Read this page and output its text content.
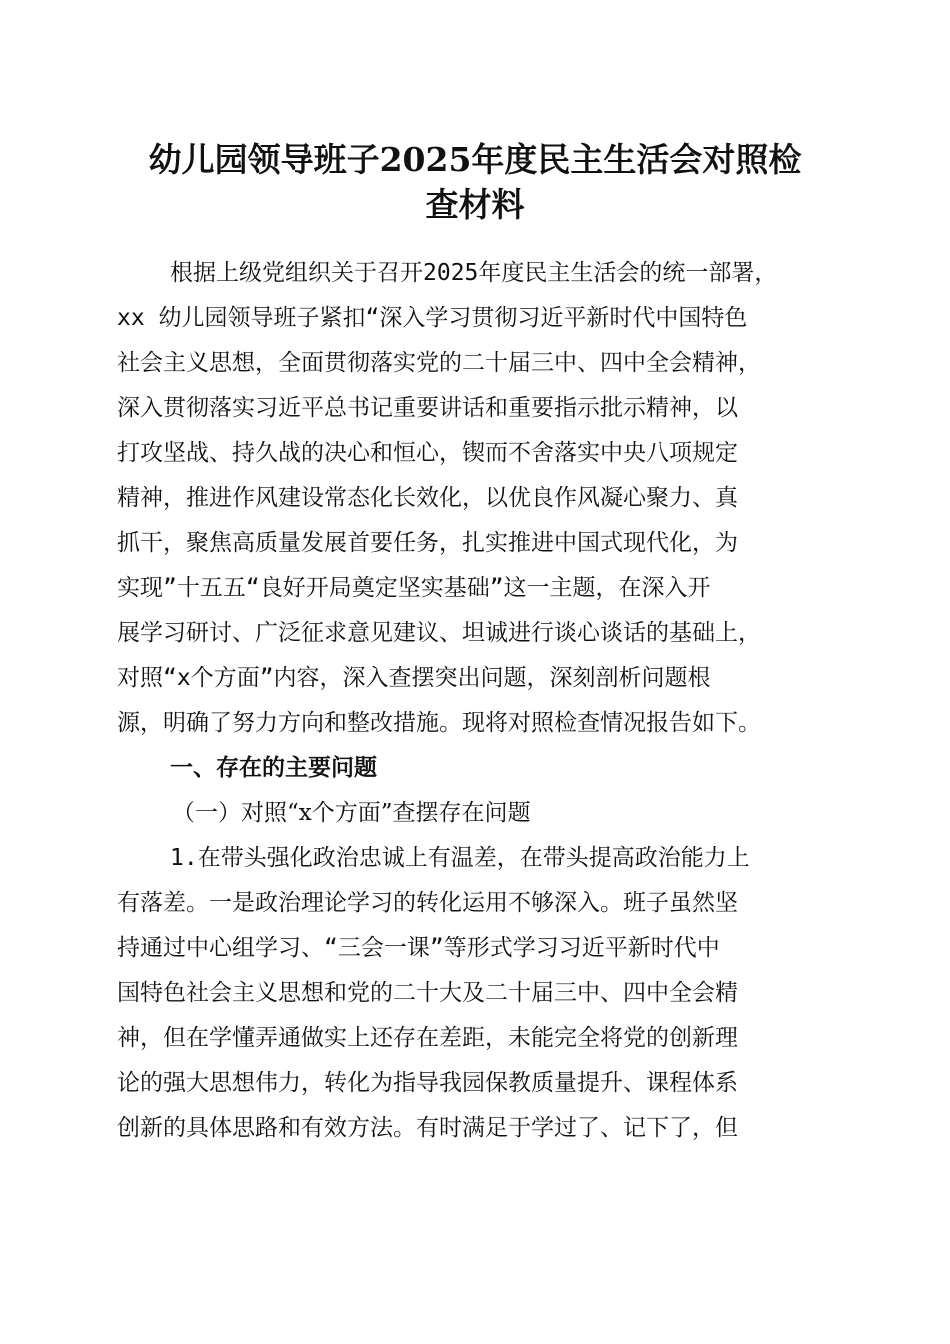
幼儿园领导班子2025年度民主生活会对照检
查材料
根据上级党组织关于召开2025年度民主生活会的统一部署，
xx 幼儿园领导班子紧扣“深入学习贯彻习近平新时代中国特色
社会主义思想，全面贯彻落实党的二十届三中、四中全会精神，
深入贯彻落实习近平总书记重要讲话和重要指示批示精神，以
打攻坚战、持久战的决心和恒心，锲而不舍落实中央八项规定
精神，推进作风建设常态化长效化，以优良作风凝心聚力、真
抓干，聚焦高质量发展首要任务，扎实推进中国式现代化，为
实现”十五五“良好开局奠定坚实基础”这一主题，在深入开
展学习研讨、广泛征求意见建议、坦诚进行谈心谈话的基础上，
对照“x个方面”内容，深入查摆突出问题，深刻剖析问题根
源，明确了努力方向和整改措施。现将对照检查情况报告如下。
一、存在的主要问题
（一）对照“x个方面”查摆存在问题
1.在带头强化政治忠诚上有温差，在带头提高政治能力上
有落差。一是政治理论学习的转化运用不够深入。班子虽然坚
持通过中心组学习、“三会一课”等形式学习习近平新时代中
国特色社会主义思想和党的二十大及二十届三中、四中全会精
神，但在学懂弄通做实上还存在差距，未能完全将党的创新理
论的强大思想伟力，转化为指导我园保教质量提升、课程体系
创新的具体思路和有效方法。有时满足于学过了、记下了，但
